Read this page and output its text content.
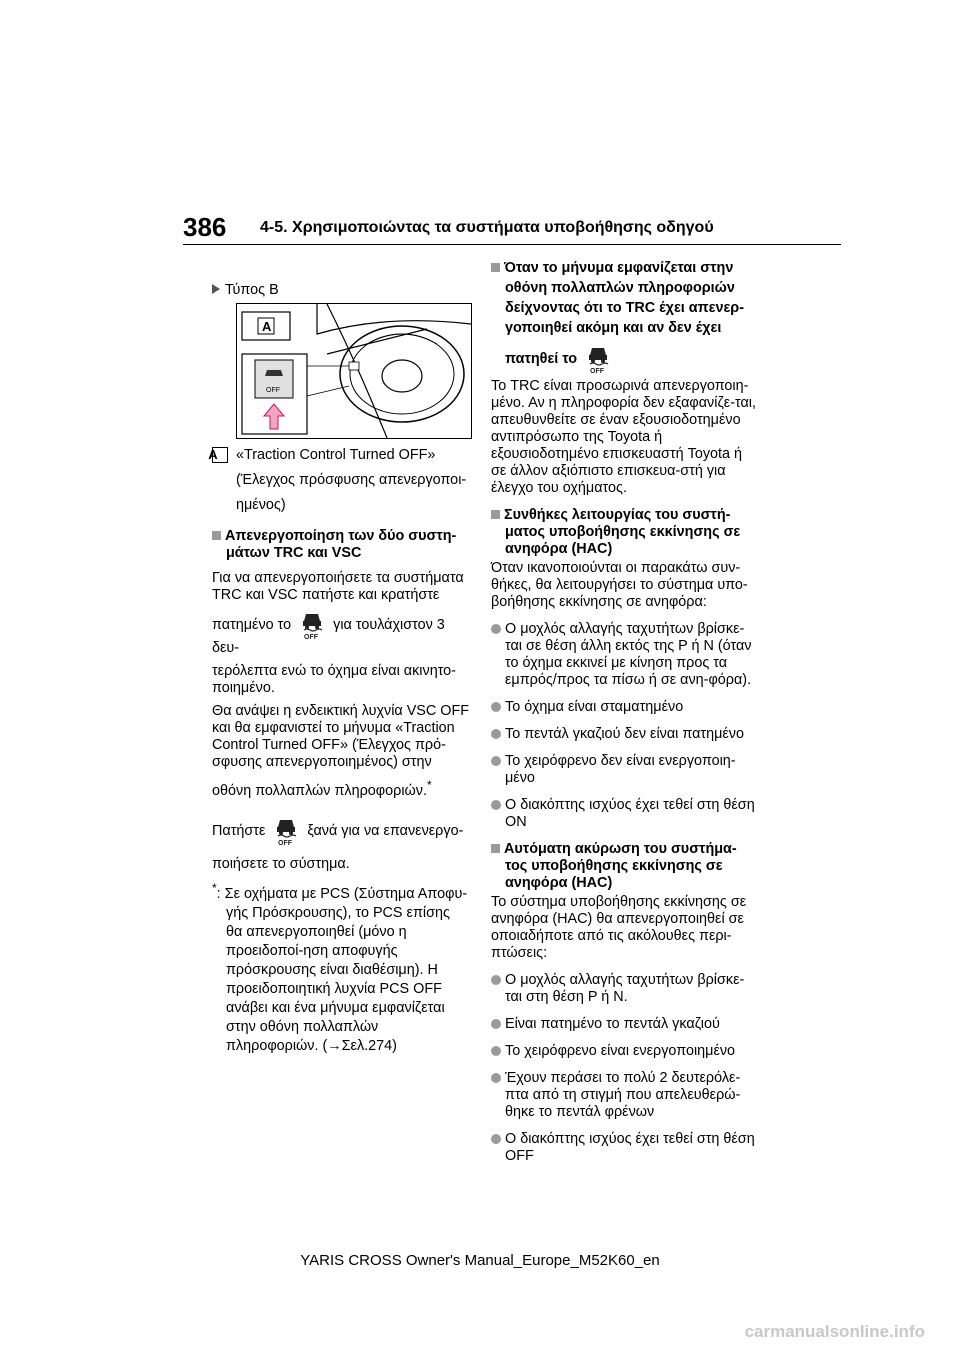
386 4-5. Χρησιμοποιώντας τα συστήματα υποβοήθησης οδηγού

Τύπος B

A
OFF

A «Traction Control Turned OFF»

(Έλεγχος πρόσφυσης απενεργοποι-

ημένος)

Απενεργοποίηση των δύο συστη-μάτων TRC και VSC

Για να απενεργοποιήσετε τα συστήματα TRC και VSC πατήστε και κρατήστε

πατημένο το
OFF
για τουλάχιστον 3 δευ-

τερόλεπτα ενώ το όχημα είναι ακινητο-ποιημένο.

Θα ανάψει η ενδεικτική λυχνία VSC OFF και θα εμφανιστεί το μήνυμα «Traction Control Turned OFF» (Έλεγχος πρό-σφυσης απενεργοποιημένος) στην

οθόνη πολλαπλών πληροφοριών.*

Πατήστε
OFF
ξανά για να επανενεργο-

ποιήσετε το σύστημα.

*: Σε οχήματα με PCS (Σύστημα Αποφυ-γής Πρόσκρουσης), το PCS επίσης θα απενεργοποιηθεί (μόνο η προειδοποί-ηση αποφυγής πρόσκρουσης είναι διαθέσιμη). Η προειδοποιητική λυχνία PCS OFF ανάβει και ένα μήνυμα εμφανίζεται στην οθόνη πολλαπλών πληροφοριών. (→Σελ.274)

Όταν το μήνυμα εμφανίζεται στην οθόνη πολλαπλών πληροφοριών δείχνοντας ότι το TRC έχει απενερ-γοποιηθεί ακόμη και αν δεν έχει

πατηθεί το
OFF

Το TRC είναι προσωρινά απενεργοποιη-μένο. Αν η πληροφορία δεν εξαφανίζε-ται, απευθυνθείτε σε έναν εξουσιοδοτημένο αντιπρόσωπο της Toyota ή εξουσιοδοτημένο επισκευαστή Toyota ή σε άλλον αξιόπιστο επισκευα-στή για έλεγχο του οχήματος.

Συνθήκες λειτουργίας του συστή-ματος υποβοήθησης εκκίνησης σε ανηφόρα (HAC)

Όταν ικανοποιούνται οι παρακάτω συν-θήκες, θα λειτουργήσει το σύστημα υπο-βοήθησης εκκίνησης σε ανηφόρα:

Ο μοχλός αλλαγής ταχυτήτων βρίσκε-ται σε θέση άλλη εκτός της P ή N (όταν το όχημα εκκινεί με κίνηση προς τα εμπρός/προς τα πίσω ή σε ανη-φόρα).

Το όχημα είναι σταματημένο

Το πεντάλ γκαζιού δεν είναι πατημένο

Το χειρόφρενο δεν είναι ενεργοποιη-μένο

Ο διακόπτης ισχύος έχει τεθεί στη θέση ON

Αυτόματη ακύρωση του συστήμα-τος υποβοήθησης εκκίνησης σε ανηφόρα (HAC)

Το σύστημα υποβοήθησης εκκίνησης σε ανηφόρα (HAC) θα απενεργοποιηθεί σε οποιαδήποτε από τις ακόλουθες περι-πτώσεις:

Ο μοχλός αλλαγής ταχυτήτων βρίσκε-ται στη θέση P ή N.

Είναι πατημένο το πεντάλ γκαζιού

Το χειρόφρενο είναι ενεργοποιημένο

Έχουν περάσει το πολύ 2 δευτερόλε-πτα από τη στιγμή που απελευθερώ-θηκε το πεντάλ φρένων

Ο διακόπτης ισχύος έχει τεθεί στη θέση OFF

YARIS CROSS Owner's Manual_Europe_M52K60_en
carmanualsonline.info
